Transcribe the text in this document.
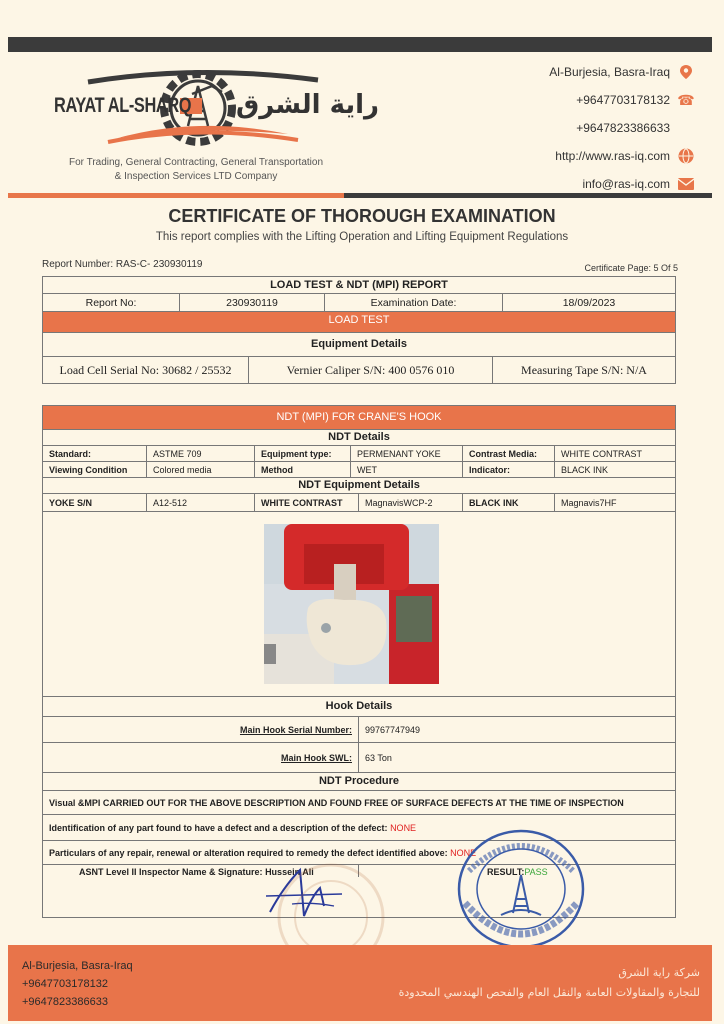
RAYAT AL-SHARQ راية الشرق
For Trading, General Contracting, General Transportation
& Inspection Services LTD Company
Al-Burjesia, Basra-Iraq
+9647703178132 ☎
+9647823386633
http://www.ras-iq.com
info@ras-iq.com
CERTIFICATE OF THOROUGH EXAMINATION
This report complies with the Lifting Operation and Lifting Equipment Regulations
Report Number: RAS-C- 230930119	Certificate Page: 5 Of 5
LOAD TEST & NDT (MPI) REPORT
Report No:	230930119	Examination Date:	18/09/2023
LOAD TEST
Equipment Details
Load Cell Serial No: 30682 / 25532	Vernier Caliper S/N: 400 0576 010	Measuring Tape S/N: N/A
NDT (MPI) FOR CRANE'S HOOK
NDT Details
Standard:	ASTME 709	Equipment type:	PERMENANT YOKE	Contrast Media:	WHITE CONTRAST
Viewing Condition	Colored media	Method	WET	Indicator:	BLACK INK
NDT Equipment Details
YOKE S/N	A12-512	WHITE CONTRAST	MagnavisWCP-2	BLACK INK	Magnavis7HF
Hook Details
Main Hook Serial Number:	99767747949
Main Hook SWL:	63 Ton
NDT Procedure
Visual &MPI CARRIED OUT FOR THE ABOVE DESCRIPTION AND FOUND FREE OF SURFACE DEFECTS AT THE TIME OF INSPECTION
Identification of any part found to have a defect and a description of the defect:
NONE
Particulars of any repair, renewal or alteration required to remedy the defect identified above:
NONE
ASNT Level II Inspector Name & Signature:
Hussein Ali	RESULT: PASS
Al-Burjesia, Basra-Iraq
+9647703178132
+9647823386633
شركة راية الشرق
للتجارة والمقاولات العامة والنقل العام والفحص الهندسي المحدودة
